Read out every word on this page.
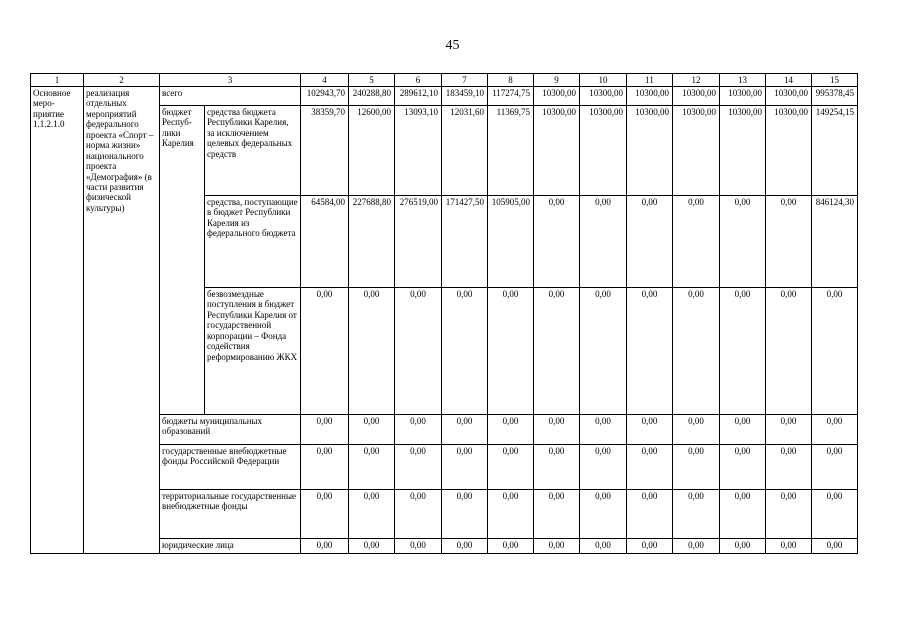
45
1	2	3		4	5	6	7	8	9	10	11	12	13	14	15
Основное меро-приятие 1.1.2.1.0	реализация отдельных мероприятий федерального проекта «Спорт – норма жизни» национального проекта «Демография» (в части развития физической культуры)	всего		102943,70	240288,80	289612,10	183459,10	117274,75	10300,00	10300,00	10300,00	10300,00	10300,00	10300,00	995378,45
		бюджет Респуб-лики Карелия	средства бюджета Республики Карелия, за исключением целевых федеральных средств	38359,70	12600,00	13093,10	12031,60	11369,75	10300,00	10300,00	10300,00	10300,00	10300,00	10300,00	149254,15
			средства, поступающие в бюджет Республики Карелия из федерального бюджета	64584,00	227688,80	276519,00	171427,50	105905,00	0,00	0,00	0,00	0,00	0,00	0,00	846124,30
			безвозмездные поступления в бюджет Республики Карелия от государственной корпорации – Фонда содействия реформированию ЖКХ	0,00	0,00	0,00	0,00	0,00	0,00	0,00	0,00	0,00	0,00	0,00	0,00
		бюджеты муниципальных образований		0,00	0,00	0,00	0,00	0,00	0,00	0,00	0,00	0,00	0,00	0,00	0,00
		государственные внебюджетные фонды Российской Федерации		0,00	0,00	0,00	0,00	0,00	0,00	0,00	0,00	0,00	0,00	0,00	0,00
		территориальные государственные внебюджетные фонды		0,00	0,00	0,00	0,00	0,00	0,00	0,00	0,00	0,00	0,00	0,00	0,00
		юридические лица		0,00	0,00	0,00	0,00	0,00	0,00	0,00	0,00	0,00	0,00	0,00	0,00
